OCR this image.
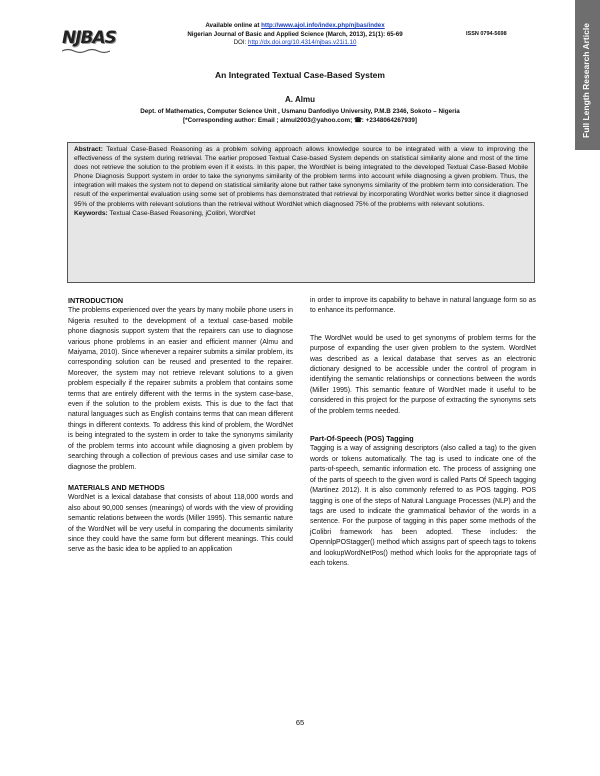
NJBAS
Available online at http://www.ajol.info/index.php/njbas/index
Nigerian Journal of Basic and Applied Science (March, 2013), 21(1): 65-69
DOI: http://dx.doi.org/10.4314/njbas.v21i1.10
ISSN 0794-5698	Full Length Research Article
An Integrated Textual Case-Based System
A. Almu
Dept. of Mathematics, Computer Science Unit , Usmanu Danfodiyo University, P.M.B 2346, Sokoto – Nigeria
[*Corresponding author: Email ; almul2003@yahoo.com; ☎: +2348064267939]
Abstract: Textual Case-Based Reasoning as a problem solving approach allows knowledge source to be integrated with a view to improving the effectiveness of the system during retrieval. The earlier proposed Textual Case-based System depends on statistical similarity alone and most of the time does not retrieve the solution to the problem even if it exists. In this paper, the WordNet is being integrated to the developed Textual Case-Based Mobile Phone Diagnosis Support system in order to take the synonyms similarity of the problem terms into account while diagnosing a given problem. Thus, the integration will makes the system not to depend on statistical similarity alone but rather take synonyms similarity of the problem term into consideration. The result of the experimental evaluation using some set of problems has demonstrated that retrieval by incorporating WordNet works better since it diagnosed 95% of the problems with relevant solutions than the retrieval without WordNet which diagnosed 75% of the problems with relevant solutions.
Keywords: Textual Case-Based Reasoning, jColibri, WordNet
INTRODUCTION

The problems experienced over the years by many mobile phone users in Nigeria resulted to the development of a textual case-based mobile phone diagnosis support system that the repairers can use to diagnose various phone problems in an easier and efficient manner (Almu and Maiyama, 2010). Since whenever a repairer submits a similar problem, its corresponding solution can be reused and presented to the repairer. Moreover, the system may not retrieve relevant solutions to a given problem especially if the repairer submits a problem that contains some terms that are entirely different with the terms in the system case-base, even if the solution to the problem exists. This is due to the fact that natural languages such as English contains terms that can mean different things in different contexts. To address this kind of problem, the WordNet is being integrated to the system in order to take the synonyms similarity of the problem terms into account while diagnosing a given problem by searching through a collection of previous cases and use similar case to diagnose the problem.

MATERIALS AND METHODS

WordNet is a lexical database that consists of about 118,000 words and also about 90,000 senses (meanings) of words with the view of providing semantic relations between the words (Miller 1995). This semantic nature of the WordNet will be very useful in comparing the documents similarity since they could have the same form but different meanings. This could serve as the basic idea to be applied to an application

in order to improve its capability to behave in natural language form so as to enhance its performance.

The WordNet would be used to get synonyms of problem terms for the purpose of expanding the user given problem to the system. WordNet was described as a lexical database that serves as an electronic dictionary designed to be accessible under the control of program in identifying the semantic relationships or connections between the words (Miller 1995). This semantic feature of WordNet made it useful to be considered in this project for the purpose of extracting the synonyms sets of the problem terms needed.

Part-Of-Speech (POS) Tagging

Tagging is a way of assigning descriptors (also called a tag) to the given words or tokens automatically. The tag is used to indicate one of the parts-of-speech, semantic information etc. The process of assigning one of the parts of speech to the given word is called Parts Of Speech tagging (Martinez 2012). It is also commonly referred to as POS tagging. POS tagging is one of the steps of Natural Language Processes (NLP) and the tags are used to indicate the grammatical behavior of the words in a sentence. For the purpose of tagging in this paper some methods of the jColibri framework has been adopted. These includes: the OpennlpPOStagger() method which assigns part of speech tags to tokens and lookupWordNetPos() method which looks for the appropriate tags of each tokens.

65
